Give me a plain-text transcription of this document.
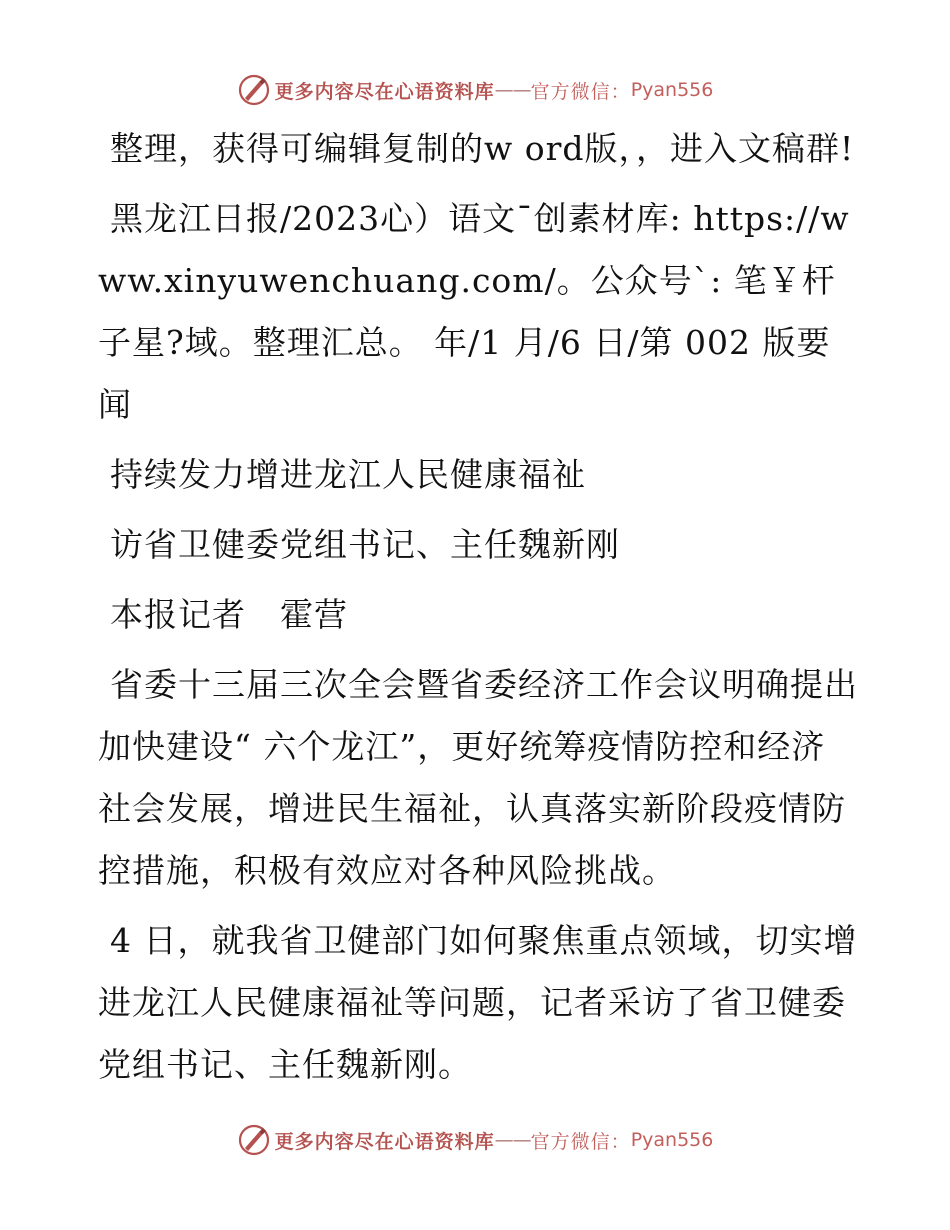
更多内容尽在心语资料库 —— 官方微信： Pyan556

整理，获得可编辑复制的w ord版，，进入文稿群!

黑龙江日报/2023心）语文¯创素材库: https://www.xinyuwenchuang.com/。公众号`: 笔￥杆子星?域。整理汇总。 年/1 月/6 日/第 002 版要闻

持续发力增进龙江人民健康福祉

访省卫健委党组书记、主任魏新刚

本报记者　霍营

省委十三届三次全会暨省委经济工作会议明确提出加快建设“ 六个龙江”，更好统筹疫情防控和经济社会发展，增进民生福祉，认真落实新阶段疫情防控措施，积极有效应对各种风险挑战。

4 日，就我省卫健部门如何聚焦重点领域，切实增进龙江人民健康福祉等问题，记者采访了省卫健委党组书记、主任魏新刚。

更多内容尽在心语资料库 —— 官方微信： Pyan556
